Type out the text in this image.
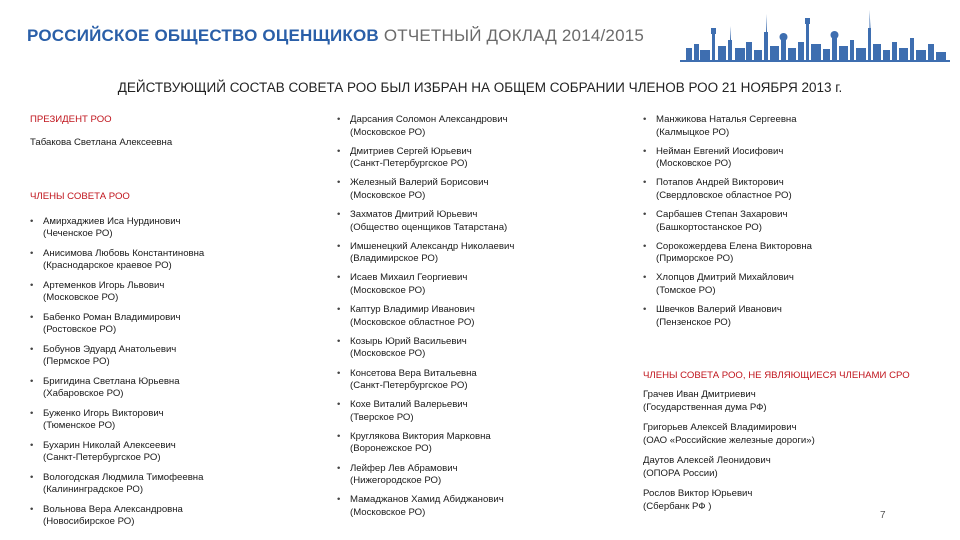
РОССИЙСКОЕ ОБЩЕСТВО ОЦЕНЩИКОВ ОТЧЕТНЫЙ ДОКЛАД 2014/2015
ДЕЙСТВУЮЩИЙ СОСТАВ СОВЕТА РОО БЫЛ ИЗБРАН НА ОБЩЕМ СОБРАНИИ ЧЛЕНОВ РОО 21 НОЯБРЯ 2013 г.
ПРЕЗИДЕНТ РОО
Табакова Светлана Алексеевна
ЧЛЕНЫ СОВЕТА РОО
• Амирхаджиев Иса Нурдинович
(Чеченское РО)
• Анисимова Любовь Константиновна
(Краснодарское краевое РО)
• Артеменков Игорь Львович
(Московское РО)
• Бабенко Роман Владимирович
(Ростовское РО)
• Бобунов Эдуард Анатольевич
(Пермское РО)
• Бригидина Светлана Юрьевна
(Хабаровское РО)
• Буженко Игорь Викторович
(Тюменское РО)
• Бухарин Николай Алексеевич
(Санкт-Петербургское РО)
• Вологодская Людмила Тимофеевна
(Калининградское РО)
• Вольнова Вера Александровна
(Новосибирское РО)
• Дарсания Соломон Александрович
(Московское РО)
• Дмитриев Сергей Юрьевич
(Санкт-Петербургское РО)
• Железный Валерий Борисович
(Московское РО)
• Захматов Дмитрий Юрьевич
(Общество оценщиков Татарстана)
• Имшенецкий Александр Николаевич
(Владимирское РО)
• Исаев Михаил Георгиевич
(Московское РО)
• Каптур Владимир Иванович
(Московское областное РО)
• Козырь Юрий Васильевич
(Московское РО)
• Консетова Вера Витальевна
(Санкт-Петербургское РО)
• Кохе Виталий Валерьевич
(Тверское РО)
• Круглякова Виктория Марковна
(Воронежское РО)
• Лейфер Лев Абрамович
(Нижегородское РО)
• Мамаджанов Хамид Абиджанович
(Московское РО)
• Манжикова Наталья Сергеевна
(Калмыцкое РО)
• Нейман Евгений Иосифович
(Московское РО)
• Потапов Андрей Викторович
(Свердловское областное РО)
• Сарбашев Степан Захарович
(Башкортостанское РО)
• Сорокожердева Елена Викторовна
(Приморское РО)
• Хлопцов Дмитрий Михайлович
(Томское РО)
• Швечков Валерий Иванович
(Пензенское РО)
ЧЛЕНЫ СОВЕТА РОО, НЕ ЯВЛЯЮЩИЕСЯ ЧЛЕНАМИ СРО
Грачев Иван Дмитриевич
(Государственная дума РФ)
Григорьев Алексей Владимирович
(ОАО «Российские железные дороги»)
Даутов Алексей Леонидович
(ОПОРА России)
Рослов Виктор Юрьевич
(Сбербанк РФ )
7
